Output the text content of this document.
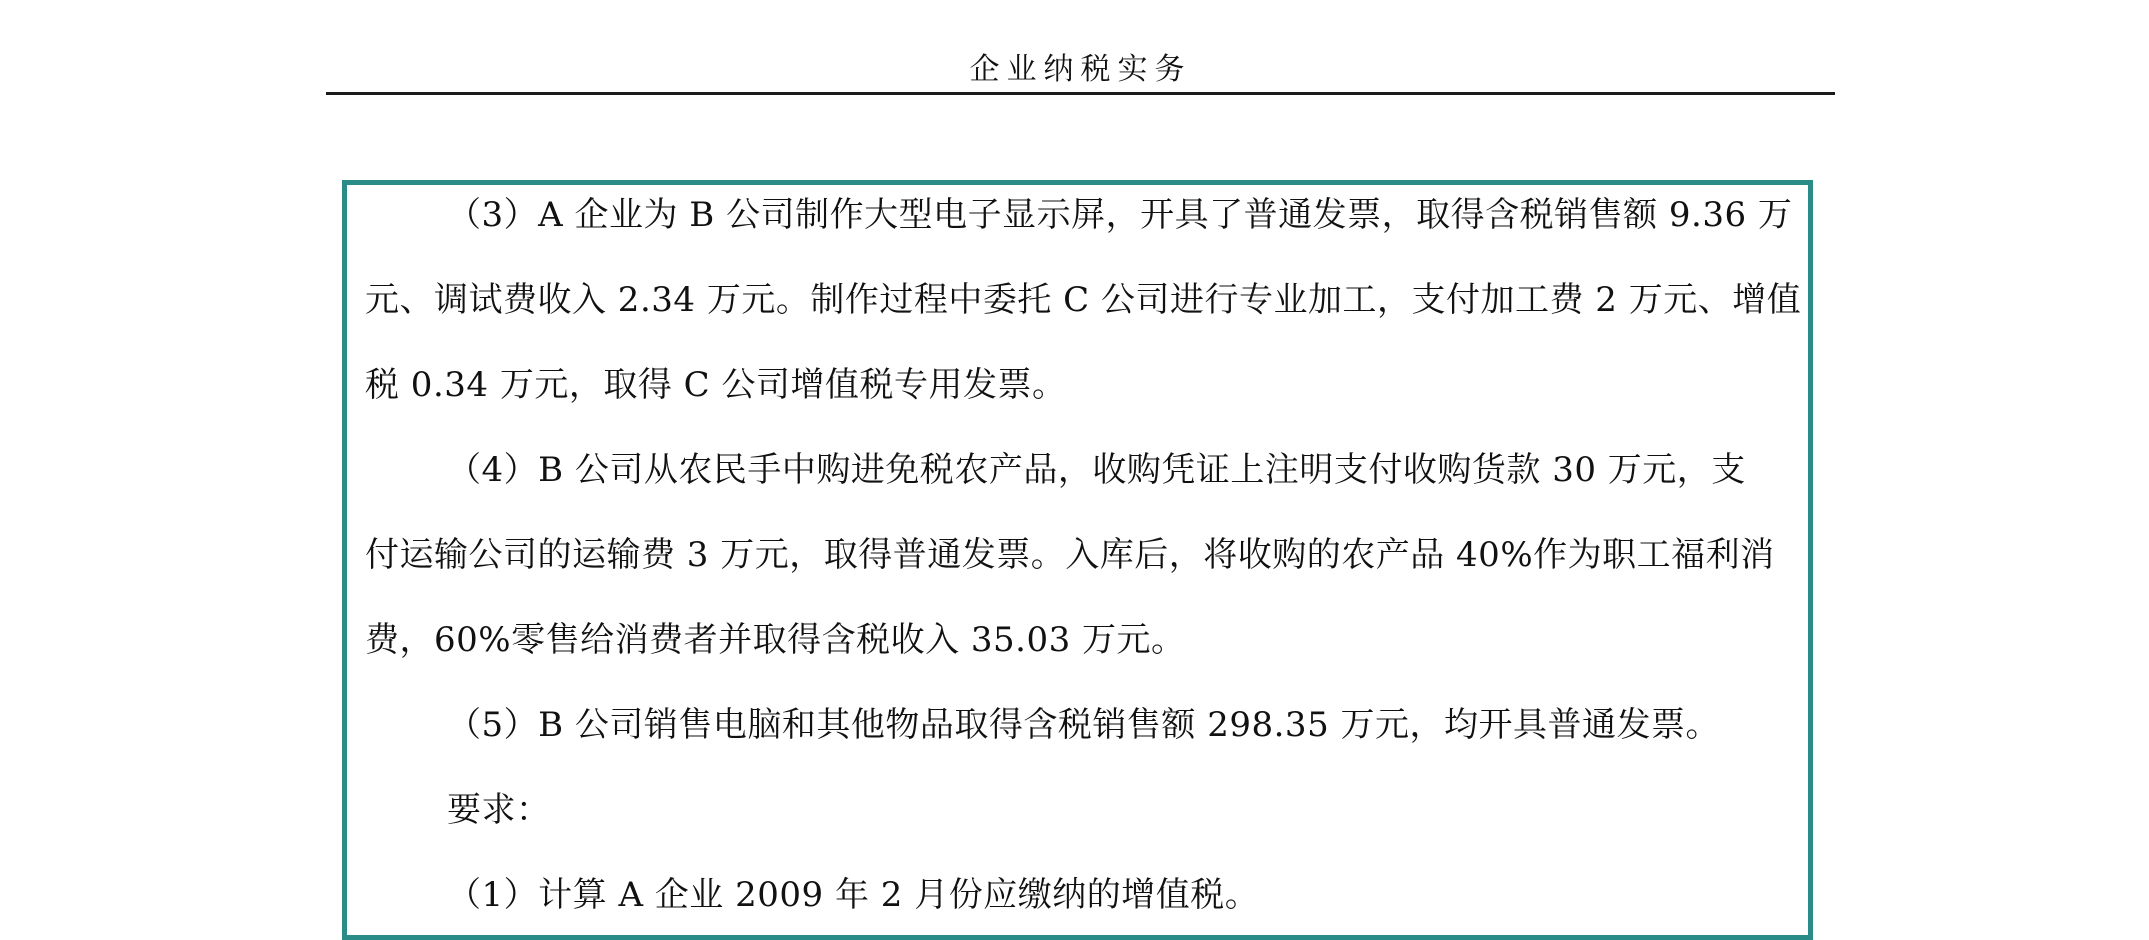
企业纳税实务
（3）A 企业为 B 公司制作大型电子显示屏，开具了普通发票，取得含税销售额 9.36 万
元、调试费收入 2.34 万元。制作过程中委托 C 公司进行专业加工，支付加工费 2 万元、增值
税 0.34 万元，取得 C 公司增值税专用发票。
（4）B 公司从农民手中购进免税农产品，收购凭证上注明支付收购货款 30 万元，支
付运输公司的运输费 3 万元，取得普通发票。入库后，将收购的农产品 40%作为职工福利消
费，60%零售给消费者并取得含税收入 35.03 万元。
（5）B 公司销售电脑和其他物品取得含税销售额 298.35 万元，均开具普通发票。
要求：
（1）计算 A 企业 2009 年 2 月份应缴纳的增值税。
